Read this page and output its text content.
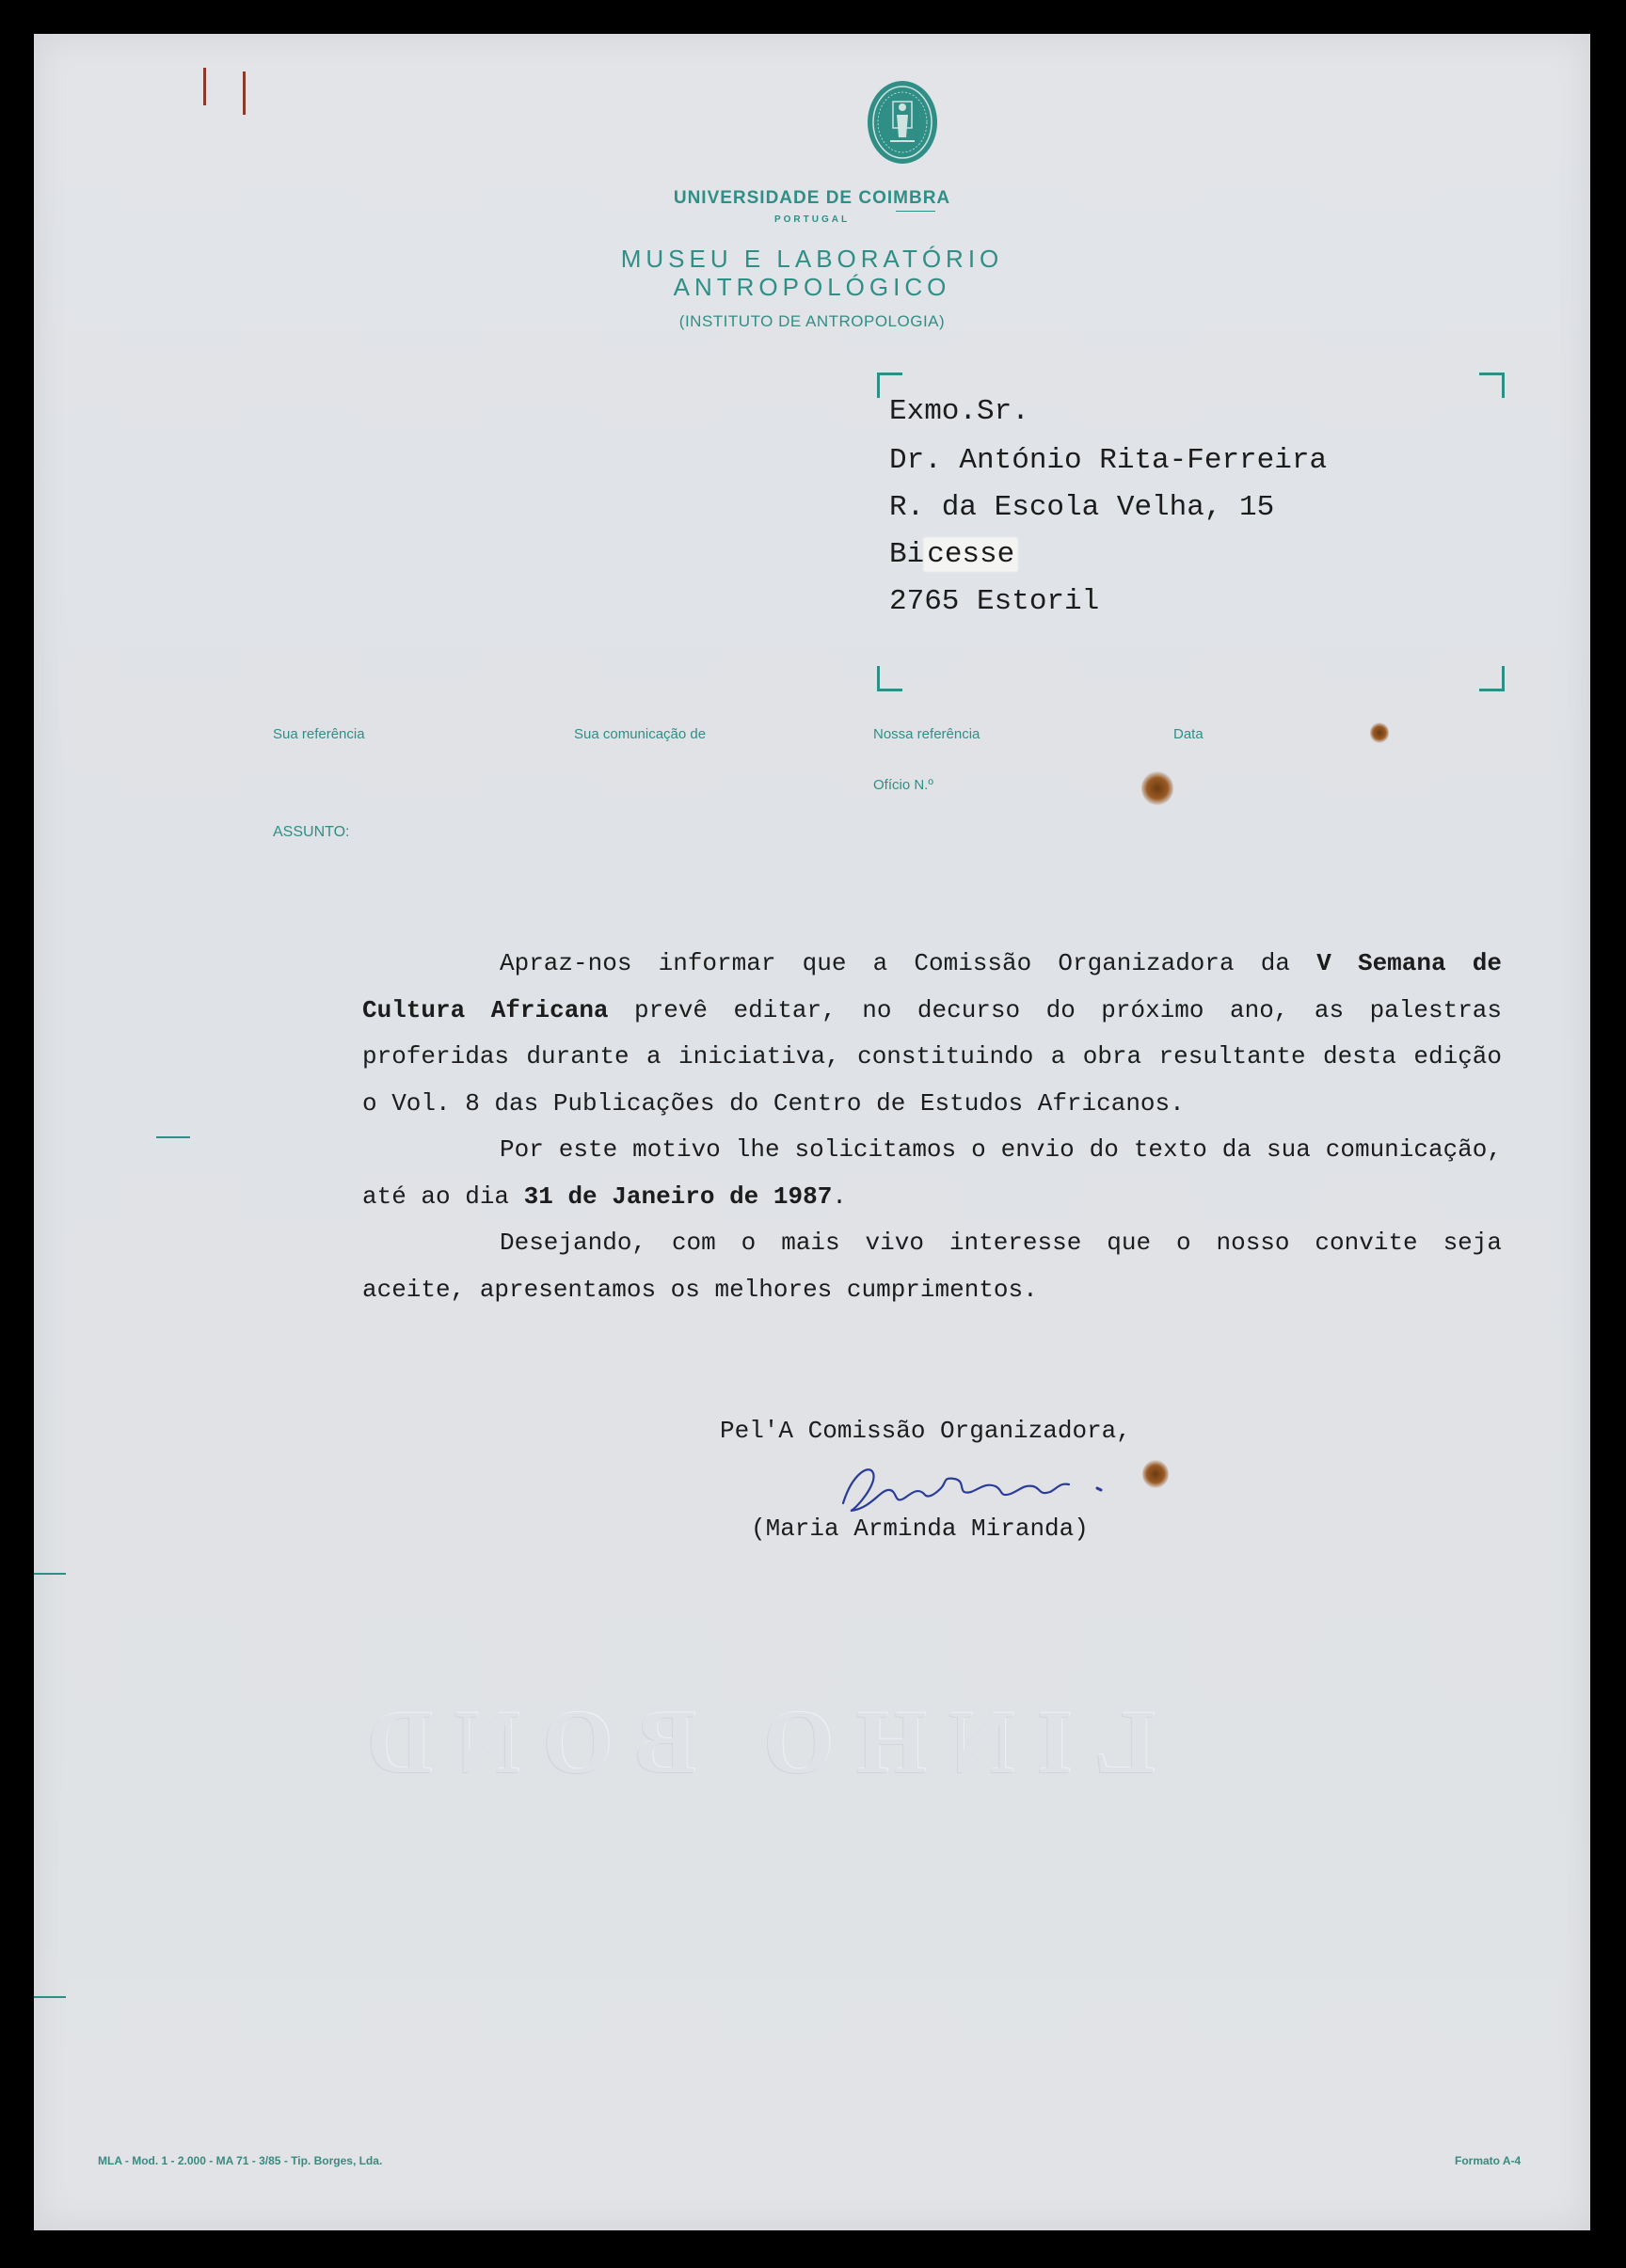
UNIVERSIDADE DE COIMBRA
PORTUGAL
MUSEU E LABORATÓRIO
ANTROPOLÓGICO
(INSTITUTO DE ANTROPOLOGIA)
Exmo.Sr.
Dr. António Rita-Ferreira
R. da Escola Velha, 15
Bicesse
2765 Estoril
Sua referência	Sua comunicação de	Nossa referência	Data
Ofício N.º
ASSUNTO:

Apraz-nos informar que a Comissão Organizadora da V Semana de Cultura Africana prevê editar, no decurso do próximo ano, as palestras proferidas durante a iniciativa, constituindo a obra resultante desta edição o Vol. 8 das Publicações do Centro de Estudos Africanos.

Por este motivo lhe solicitamos o envio do texto da sua comunicação, até ao dia 31 de Janeiro de 1987.

Desejando, com o mais vivo interesse que o nosso convite seja aceite, apresentamos os melhores cumprimentos.

Pel'A Comissão Organizadora,
(Maria Arminda Miranda)
LINHO BOND
MLA - Mod. 1 - 2.000 - MA 71 - 3/85 - Tip. Borges, Lda.	Formato A-4
